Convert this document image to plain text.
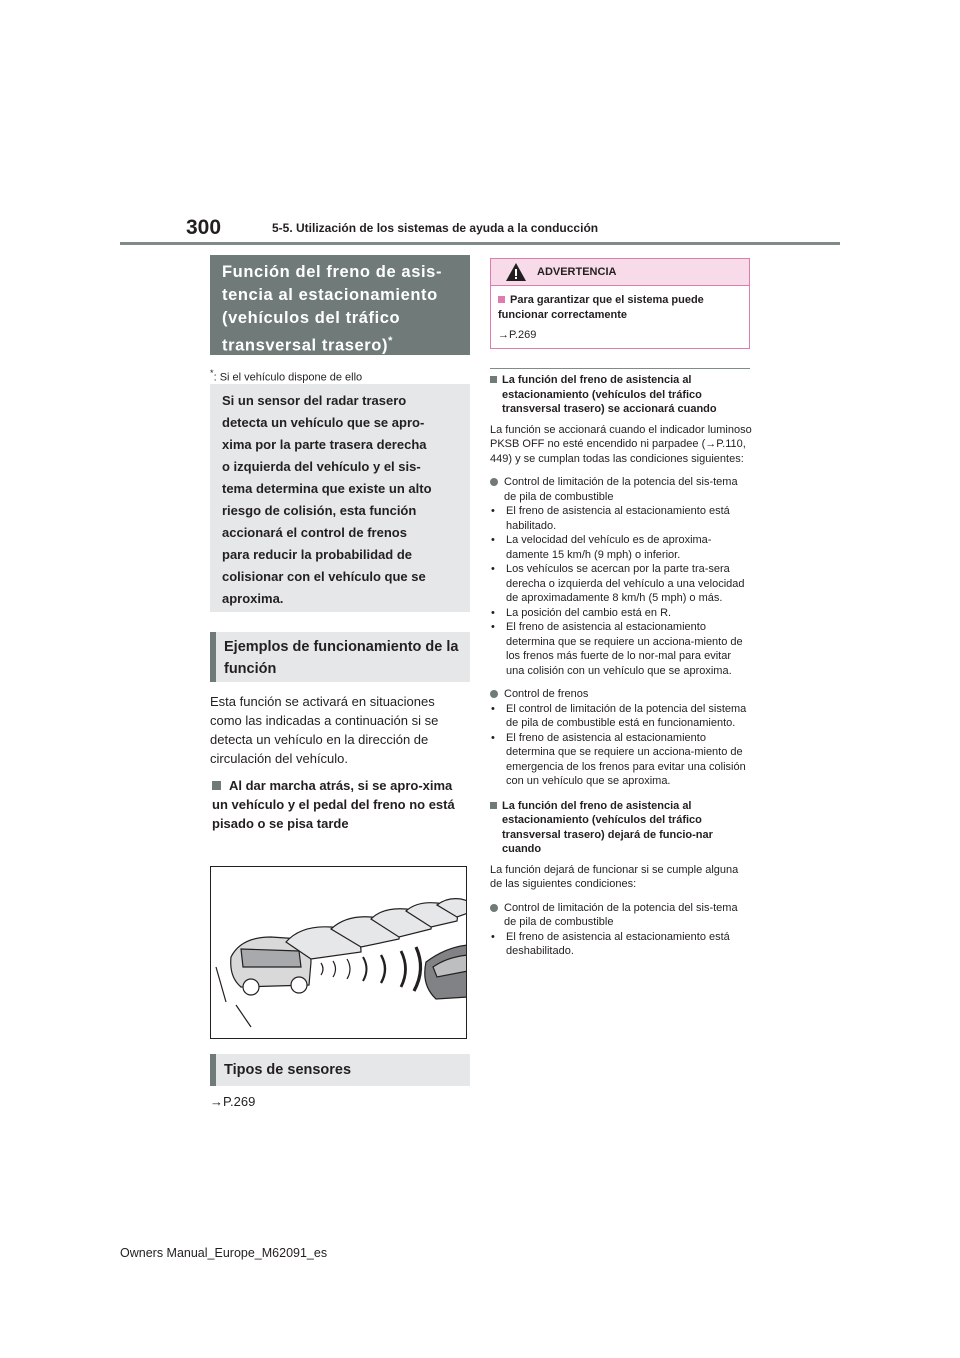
300	5-5. Utilización de los sistemas de ayuda a la conducción
Función del freno de asis-tencia al estacionamiento (vehículos del tráfico transversal trasero)*
*: Si el vehículo dispone de ello

Si un sensor del radar trasero

detecta un vehículo que se apro-

xima por la parte trasera derecha

o izquierda del vehículo y el sis-

tema determina que existe un alto

riesgo de colisión, esta función

accionará el control de frenos

para reducir la probabilidad de

colisionar con el vehículo que se

aproxima.

Ejemplos de funcionamiento de la función
Esta función se activará en situaciones como las indicadas a continuación si se detecta un vehículo en la dirección de circulación del vehículo.
Al dar marcha atrás, si se apro-xima un vehículo y el pedal del freno no está pisado o se pisa tarde
Tipos de sensores
→P.269
ADVERTENCIA
Para garantizar que el sistema puede funcionar correctamente
→P.269

La función del freno de asistencia al estacionamiento (vehículos del tráfico transversal trasero) se accionará cuando

La función se accionará cuando el indicador luminoso PKSB OFF no esté encendido ni parpadee (→P.110, 449) y se cumplan todas las condiciones siguientes:

Control de limitación de la potencia del sis-tema de pila de combustible

• El freno de asistencia al estacionamiento está habilitado.

• La velocidad del vehículo es de aproxima-damente 15 km/h (9 mph) o inferior.

• Los vehículos se acercan por la parte tra-sera derecha o izquierda del vehículo a una velocidad de aproximadamente 8 km/h (5 mph) o más.

• La posición del cambio está en R.

• El freno de asistencia al estacionamiento determina que se requiere un acciona-miento de los frenos más fuerte de lo nor-mal para evitar una colisión con un vehículo que se aproxima.

Control de frenos

• El control de limitación de la potencia del sistema de pila de combustible está en funcionamiento.

• El freno de asistencia al estacionamiento determina que se requiere un acciona-miento de emergencia de los frenos para evitar una colisión con un vehículo que se aproxima.

La función del freno de asistencia al estacionamiento (vehículos del tráfico transversal trasero) dejará de funcio-nar cuando

La función dejará de funcionar si se cumple alguna de las siguientes condiciones:

Control de limitación de la potencia del sis-tema de pila de combustible

• El freno de asistencia al estacionamiento está deshabilitado.

Owners Manual_Europe_M62091_es
